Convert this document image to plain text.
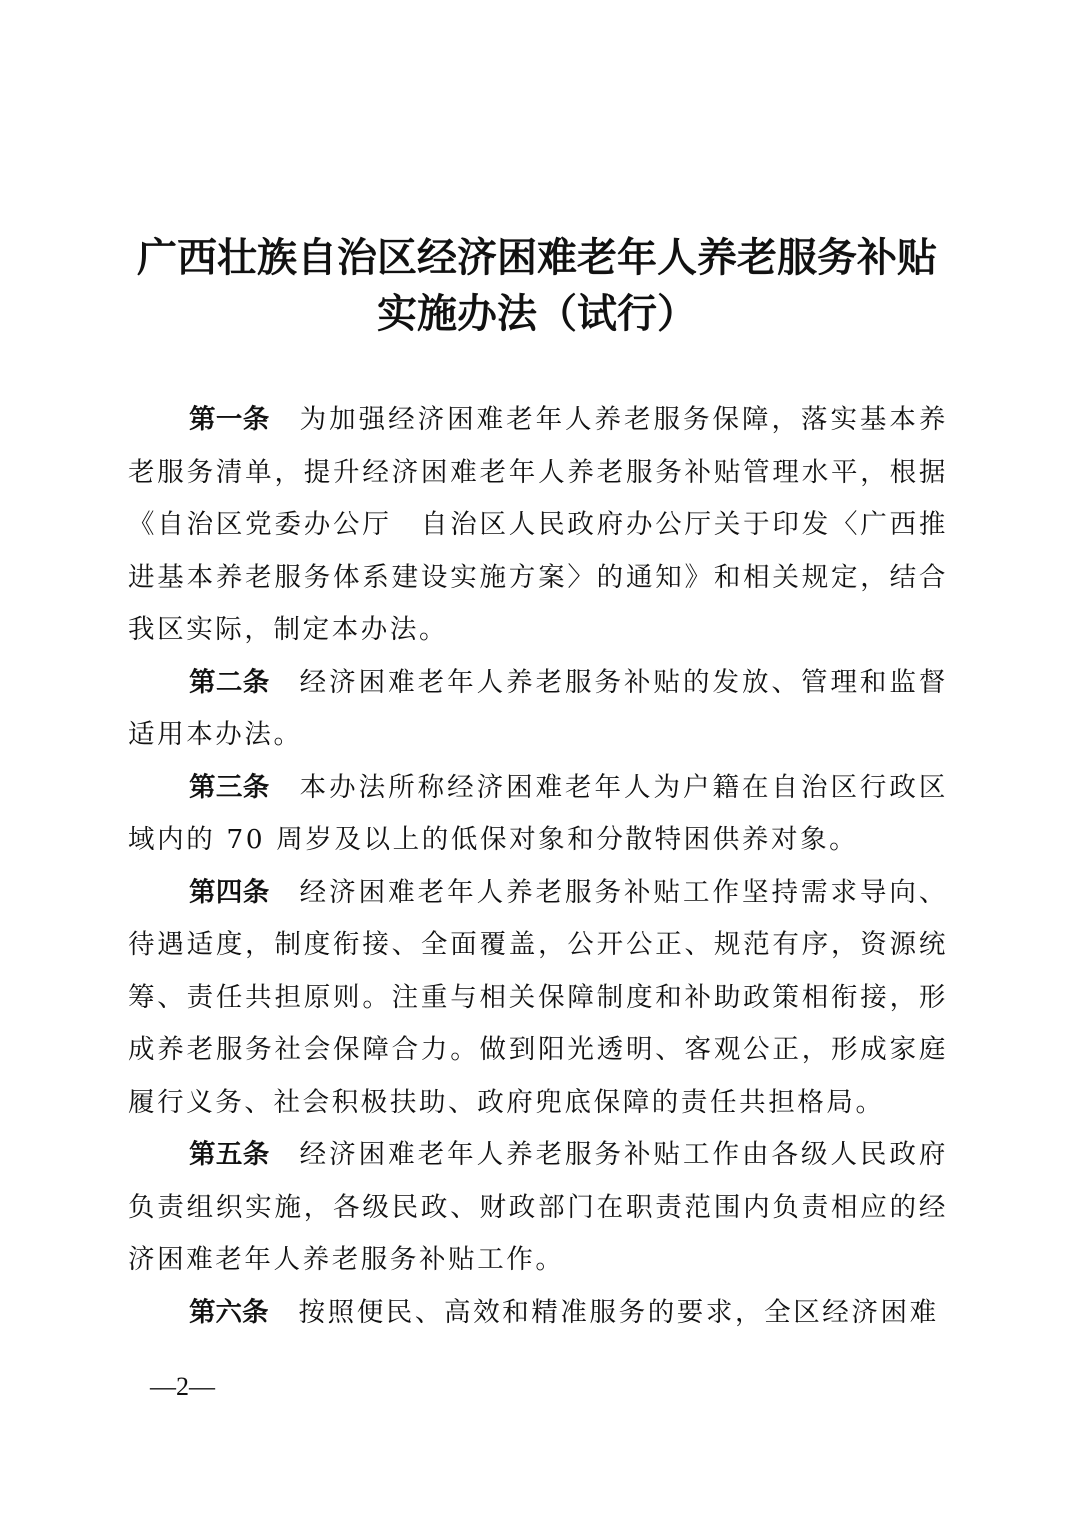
广西壮族自治区经济困难老年人养老服务补贴
实施办法（试行）

第一条 为加强经济困难老年人养老服务保障，落实基本养老服务清单，提升经济困难老年人养老服务补贴管理水平，根据《自治区党委办公厅　自治区人民政府办公厅关于印发〈广西推进基本养老服务体系建设实施方案〉的通知》和相关规定，结合我区实际，制定本办法。

第二条 经济困难老年人养老服务补贴的发放、管理和监督适用本办法。

第三条 本办法所称经济困难老年人为户籍在自治区行政区域内的 70 周岁及以上的低保对象和分散特困供养对象。

第四条 经济困难老年人养老服务补贴工作坚持需求导向、待遇适度，制度衔接、全面覆盖，公开公正、规范有序，资源统筹、责任共担原则。注重与相关保障制度和补助政策相衔接，形成养老服务社会保障合力。做到阳光透明、客观公正，形成家庭履行义务、社会积极扶助、政府兜底保障的责任共担格局。

第五条 经济困难老年人养老服务补贴工作由各级人民政府负责组织实施，各级民政、财政部门在职责范围内负责相应的经济困难老年人养老服务补贴工作。

第六条 按照便民、高效和精准服务的要求，全区经济困难

—2—
